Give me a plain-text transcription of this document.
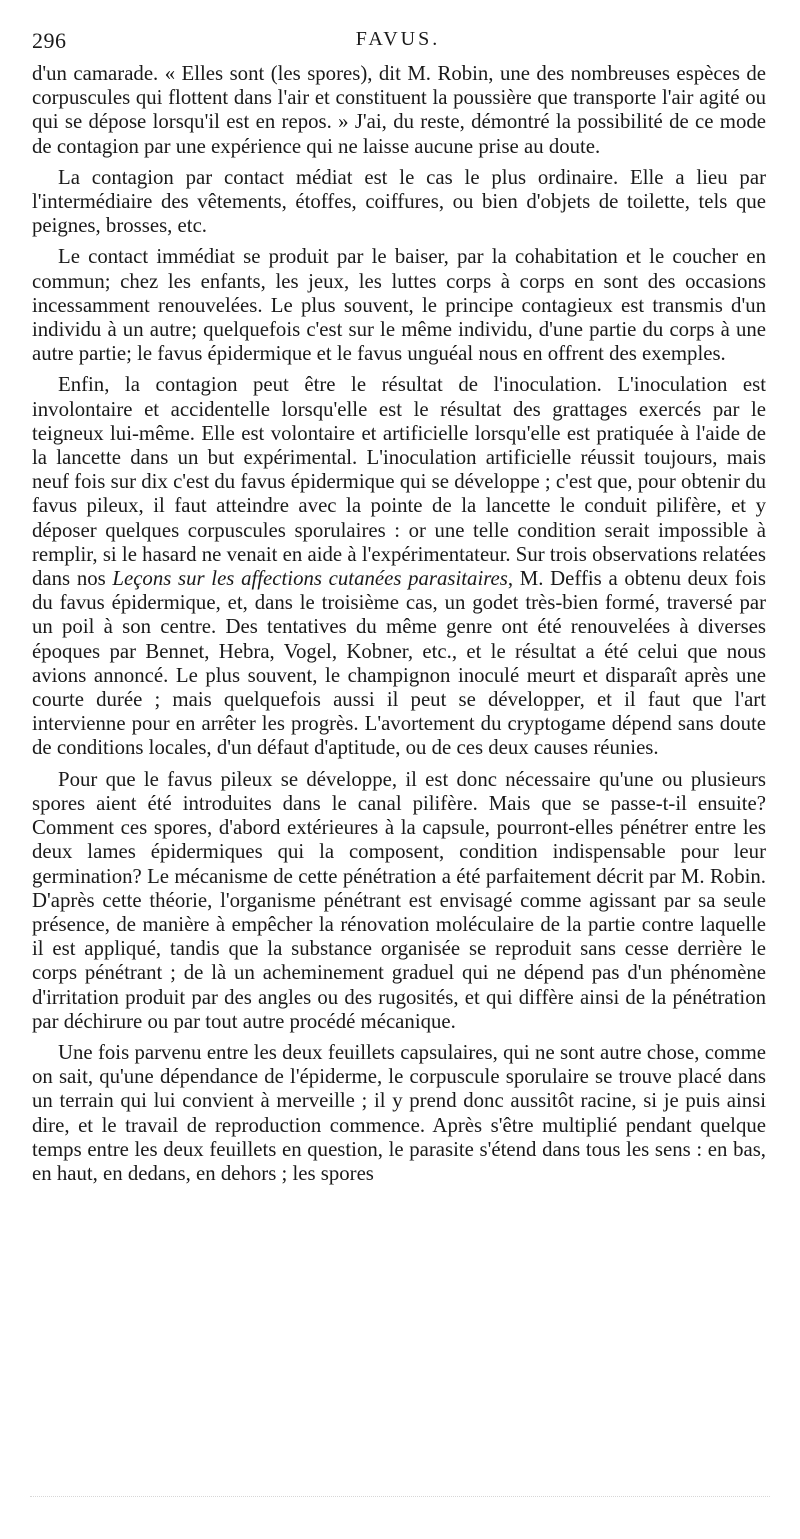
296	FAVUS.

d'un camarade. « Elles sont (les spores), dit M. Robin, une des nombreuses espèces de corpuscules qui flottent dans l'air et constituent la poussière que transporte l'air agité ou qui se dépose lorsqu'il est en repos. » J'ai, du reste, démontré la possibilité de ce mode de contagion par une expérience qui ne laisse aucune prise au doute.

La contagion par contact médiat est le cas le plus ordinaire. Elle a lieu par l'intermédiaire des vêtements, étoffes, coiffures, ou bien d'objets de toilette, tels que peignes, brosses, etc.

Le contact immédiat se produit par le baiser, par la cohabitation et le coucher en commun; chez les enfants, les jeux, les luttes corps à corps en sont des occasions incessamment renouvelées. Le plus souvent, le principe contagieux est transmis d'un individu à un autre; quelquefois c'est sur le même individu, d'une partie du corps à une autre partie; le favus épidermique et le favus unguéal nous en offrent des exemples.

Enfin, la contagion peut être le résultat de l'inoculation. L'inoculation est involontaire et accidentelle lorsqu'elle est le résultat des grattages exercés par le teigneux lui-même. Elle est volontaire et artificielle lorsqu'elle est pratiquée à l'aide de la lancette dans un but expérimental. L'inoculation artificielle réussit toujours, mais neuf fois sur dix c'est du favus épidermique qui se développe ; c'est que, pour obtenir du favus pileux, il faut atteindre avec la pointe de la lancette le conduit pilifère, et y déposer quelques corpuscules sporulaires : or une telle condition serait impossible à remplir, si le hasard ne venait en aide à l'expérimentateur. Sur trois observations relatées dans nos Leçons sur les affections cutanées parasitaires, M. Deffis a obtenu deux fois du favus épidermique, et, dans le troisième cas, un godet très-bien formé, traversé par un poil à son centre. Des tentatives du même genre ont été renouvelées à diverses époques par Bennet, Hebra, Vogel, Kobner, etc., et le résultat a été celui que nous avions annoncé. Le plus souvent, le champignon inoculé meurt et disparaît après une courte durée ; mais quelquefois aussi il peut se développer, et il faut que l'art intervienne pour en arrêter les progrès. L'avortement du cryptogame dépend sans doute de conditions locales, d'un défaut d'aptitude, ou de ces deux causes réunies.

Pour que le favus pileux se développe, il est donc nécessaire qu'une ou plusieurs spores aient été introduites dans le canal pilifère. Mais que se passe-t-il ensuite? Comment ces spores, d'abord extérieures à la capsule, pourront-elles pénétrer entre les deux lames épidermiques qui la composent, condition indispensable pour leur germination? Le mécanisme de cette pénétration a été parfaitement décrit par M. Robin. D'après cette théorie, l'organisme pénétrant est envisagé comme agissant par sa seule présence, de manière à empêcher la rénovation moléculaire de la partie contre laquelle il est appliqué, tandis que la substance organisée se reproduit sans cesse derrière le corps pénétrant ; de là un acheminement graduel qui ne dépend pas d'un phénomène d'irritation produit par des angles ou des rugosités, et qui diffère ainsi de la pénétration par déchirure ou par tout autre procédé mécanique.

Une fois parvenu entre les deux feuillets capsulaires, qui ne sont autre chose, comme on sait, qu'une dépendance de l'épiderme, le corpuscule sporulaire se trouve placé dans un terrain qui lui convient à merveille ; il y prend donc aussitôt racine, si je puis ainsi dire, et le travail de reproduction commence. Après s'être multiplié pendant quelque temps entre les deux feuillets en question, le parasite s'étend dans tous les sens : en bas, en haut, en dedans, en dehors ; les spores
